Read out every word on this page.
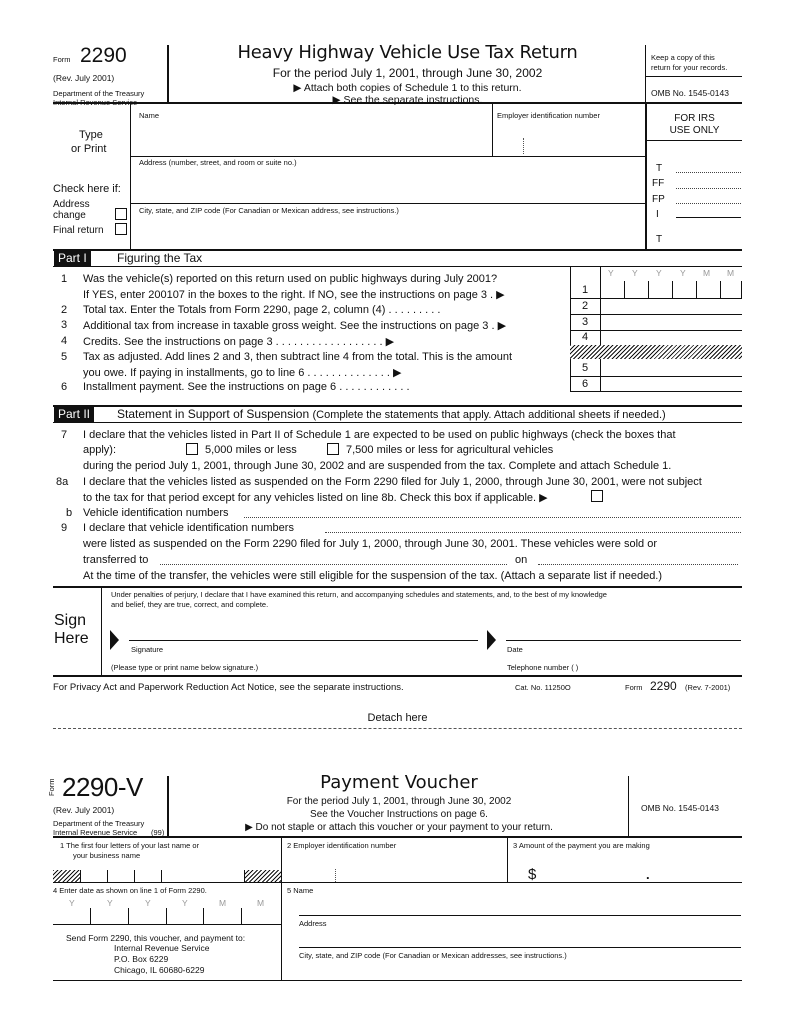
Form 2290
(Rev. July 2001)
Department of the Treasury
Internal Revenue Service
Heavy Highway Vehicle Use Tax Return
For the period July 1, 2001, through June 30, 2002
▶ Attach both copies of Schedule 1 to this return.
▶ See the separate instructions.
Keep a copy of this
return for your records.
OMB No. 1545-0143
Type
or Print
Name	Employer identification number
Address (number, street, and room or suite no.)
Check here if:
City, state, and ZIP code (For Canadian or Mexican address, see instructions.)
Address
change
Final return
FOR IRS
USE ONLY
T
FF
FP
I
T
Part I	Figuring the Tax
1 Was the vehicle(s) reported on this return used on public highways during July 2001?
If YES, enter 200107 in the boxes to the right. If NO, see the instructions on page 3 . ▶
2 Total tax. Enter the Totals from Form 2290, page 2, column (4) . . . . . . . . .
3 Additional tax from increase in taxable gross weight. See the instructions on page 3 . ▶
4 Credits. See the instructions on page 3 . . . . . . . . . . . . . . . . . . ▶
5 Tax as adjusted. Add lines 2 and 3, then subtract line 4 from the total. This is the amount
you owe. If paying in installments, go to line 6 . . . . . . . . . . . . . . ▶
6 Installment payment. See the instructions on page 6 . . . . . . . . . . . .
Y Y Y Y M M
1
2
3
4
5
6
Part II	Statement in Support of Suspension (Complete the statements that apply. Attach additional sheets if needed.)
7 I declare that the vehicles listed in Part II of Schedule 1 are expected to be used on public highways (check the boxes that
apply):	5,000 miles or less	7,500 miles or less for agricultural vehicles
during the period July 1, 2001, through June 30, 2002 and are suspended from the tax. Complete and attach Schedule 1.
8a I declare that the vehicles listed as suspended on the Form 2290 filed for July 1, 2000, through June 30, 2001, were not subject
to the tax for that period except for any vehicles listed on line 8b. Check this box if applicable. ▶
b Vehicle identification numbers
9 I declare that vehicle identification numbers
were listed as suspended on the Form 2290 filed for July 1, 2000, through June 30, 2001. These vehicles were sold or
transferred to	on
At the time of the transfer, the vehicles were still eligible for the suspension of the tax. (Attach a separate list if needed.)
Sign
Here
Under penalties of perjury, I declare that I have examined this return, and accompanying schedules and statements, and, to the best of my knowledge
and belief, they are true, correct, and complete.
Signature	Date
(Please type or print name below signature.)	Telephone number ( )
For Privacy Act and Paperwork Reduction Act Notice, see the separate instructions.	Cat. No. 11250O	Form 2290 (Rev. 7-2001)
Detach here
Form 2290-V
(Rev. July 2001)
Department of the Treasury
Internal Revenue Service (99)
Payment Voucher
For the period July 1, 2001, through June 30, 2002
See the Voucher Instructions on page 6.
▶ Do not staple or attach this voucher or your payment to your return.
OMB No. 1545-0143
1 The first four letters of your last name or
your business name
2 Employer identification number	3 Amount of the payment you are making
$	.
4 Enter date as shown on line 1 of Form 2290.
Y	Y	Y	Y	M	M
Send Form 2290, this voucher, and payment to:
Internal Revenue Service
P.O. Box 6229
Chicago, IL 60680-6229
5 Name
Address
City, state, and ZIP code (For Canadian or Mexican addresses, see instructions.)
